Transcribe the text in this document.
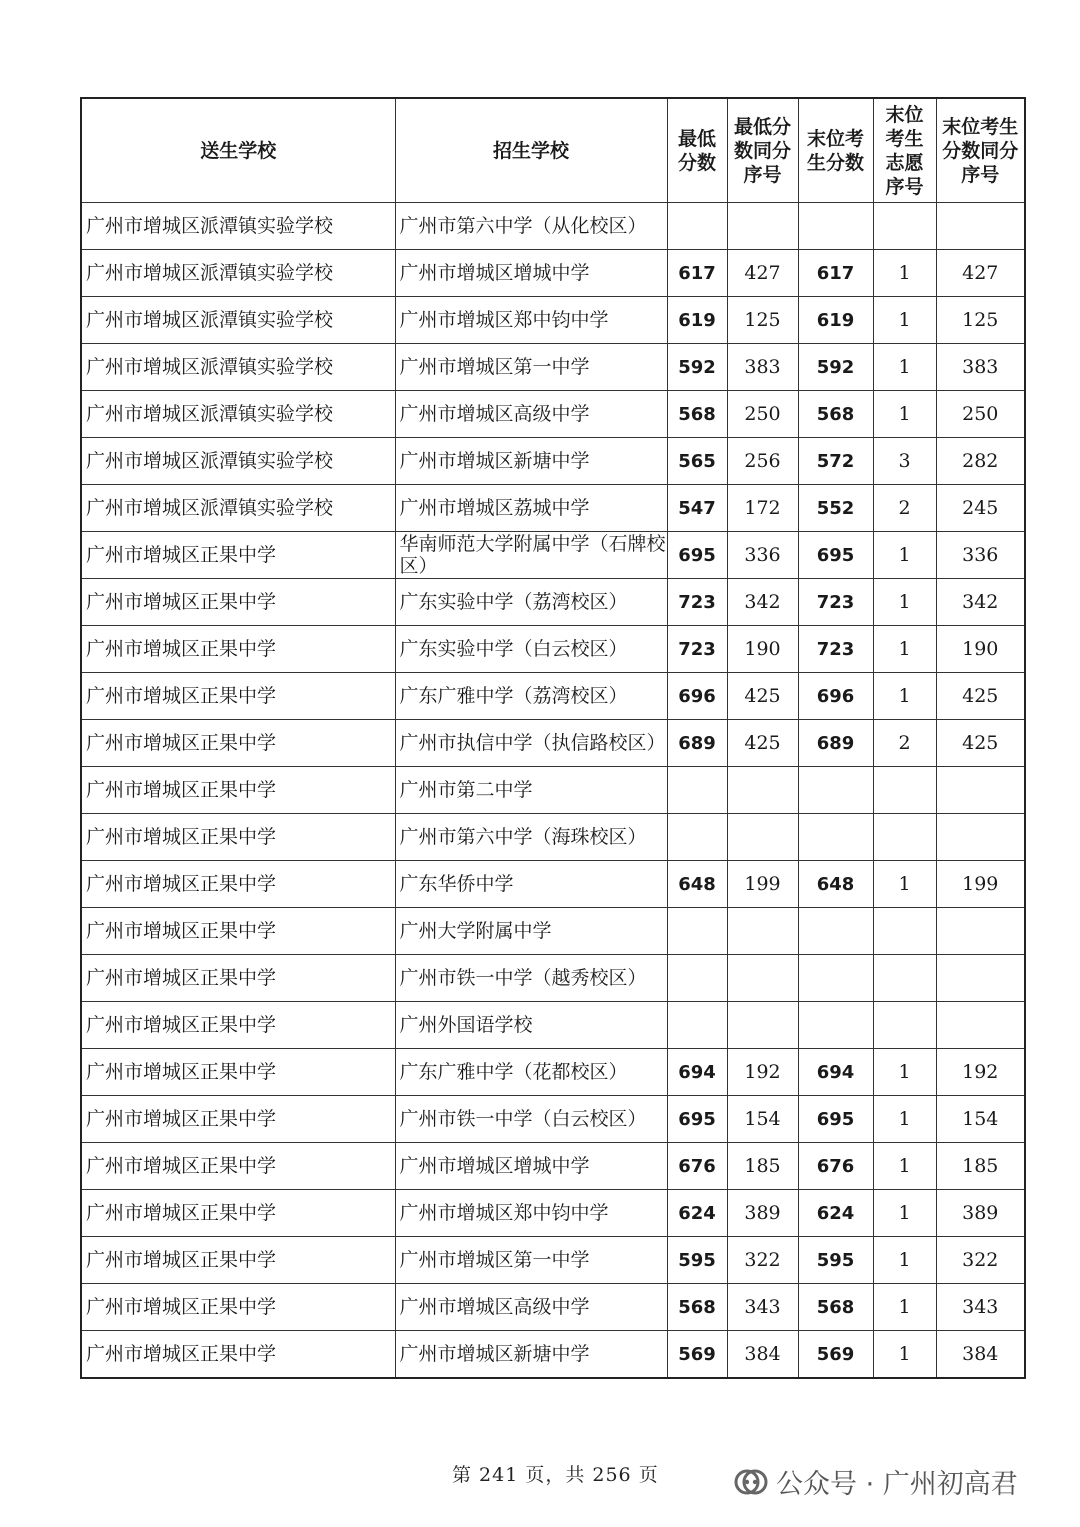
送生学校	招生学校	最低分数	最低分数同分序号	末位考生分数	末位考生志愿序号	末位考生分数同分序号

广州市增城区派潭镇实验学校	广州市第六中学（从化校区）					
广州市增城区派潭镇实验学校	广州市增城区增城中学	617	427	617	1	427
广州市增城区派潭镇实验学校	广州市增城区郑中钧中学	619	125	619	1	125
广州市增城区派潭镇实验学校	广州市增城区第一中学	592	383	592	1	383
广州市增城区派潭镇实验学校	广州市增城区高级中学	568	250	568	1	250
广州市增城区派潭镇实验学校	广州市增城区新塘中学	565	256	572	3	282
广州市增城区派潭镇实验学校	广州市增城区荔城中学	547	172	552	2	245
广州市增城区正果中学	华南师范大学附属中学（石牌校区）	695	336	695	1	336
广州市增城区正果中学	广东实验中学（荔湾校区）	723	342	723	1	342
广州市增城区正果中学	广东实验中学（白云校区）	723	190	723	1	190
广州市增城区正果中学	广东广雅中学（荔湾校区）	696	425	696	1	425
广州市增城区正果中学	广州市执信中学（执信路校区）	689	425	689	2	425
广州市增城区正果中学	广州市第二中学					
广州市增城区正果中学	广州市第六中学（海珠校区）					
广州市增城区正果中学	广东华侨中学	648	199	648	1	199
广州市增城区正果中学	广州大学附属中学					
广州市增城区正果中学	广州市铁一中学（越秀校区）					
广州市增城区正果中学	广州外国语学校					
广州市增城区正果中学	广东广雅中学（花都校区）	694	192	694	1	192
广州市增城区正果中学	广州市铁一中学（白云校区）	695	154	695	1	154
广州市增城区正果中学	广州市增城区增城中学	676	185	676	1	185
广州市增城区正果中学	广州市增城区郑中钧中学	624	389	624	1	389
广州市增城区正果中学	广州市增城区第一中学	595	322	595	1	322
广州市增城区正果中学	广州市增城区高级中学	568	343	568	1	343
广州市增城区正果中学	广州市增城区新塘中学	569	384	569	1	384
第 241 页，共 256 页	公众号 · 广州初高君
